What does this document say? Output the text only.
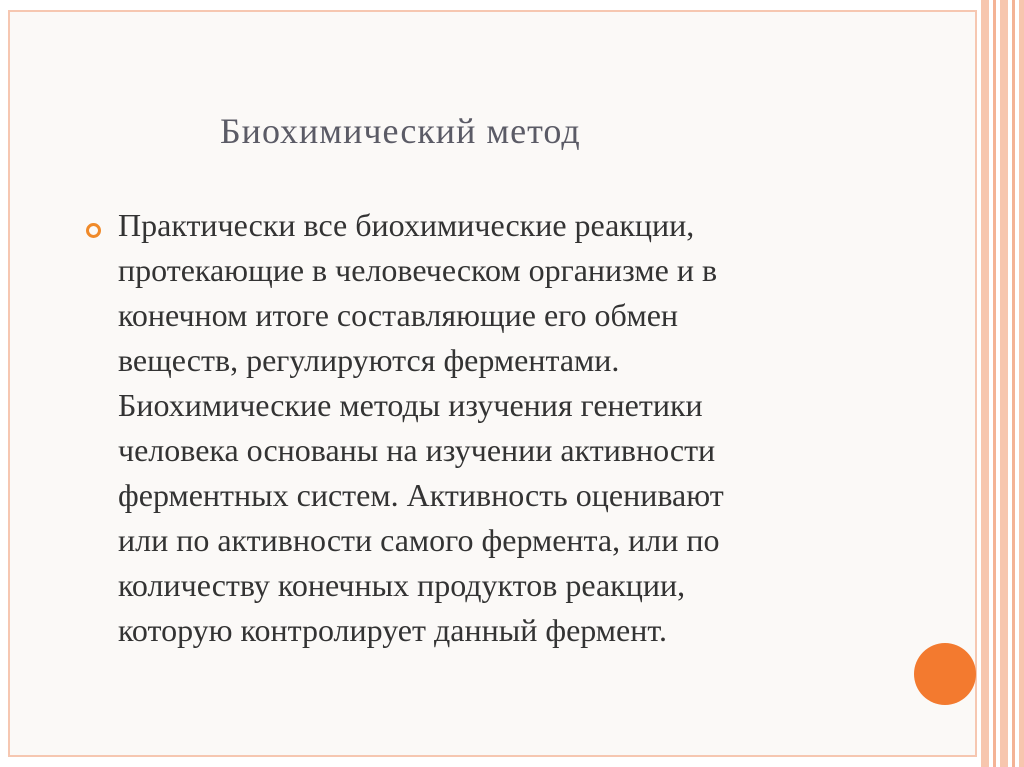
Биохимический метод

Практически все биохимические реакции,
протекающие в человеческом организме и в
конечном итоге составляющие его обмен
веществ, регулируются ферментами.
Биохимические методы изучения генетики
человека основаны на изучении активности
ферментных систем. Активность оценивают
или по активности самого фермента, или по
количеству конечных продуктов реакции,
которую контролирует данный фермент.
